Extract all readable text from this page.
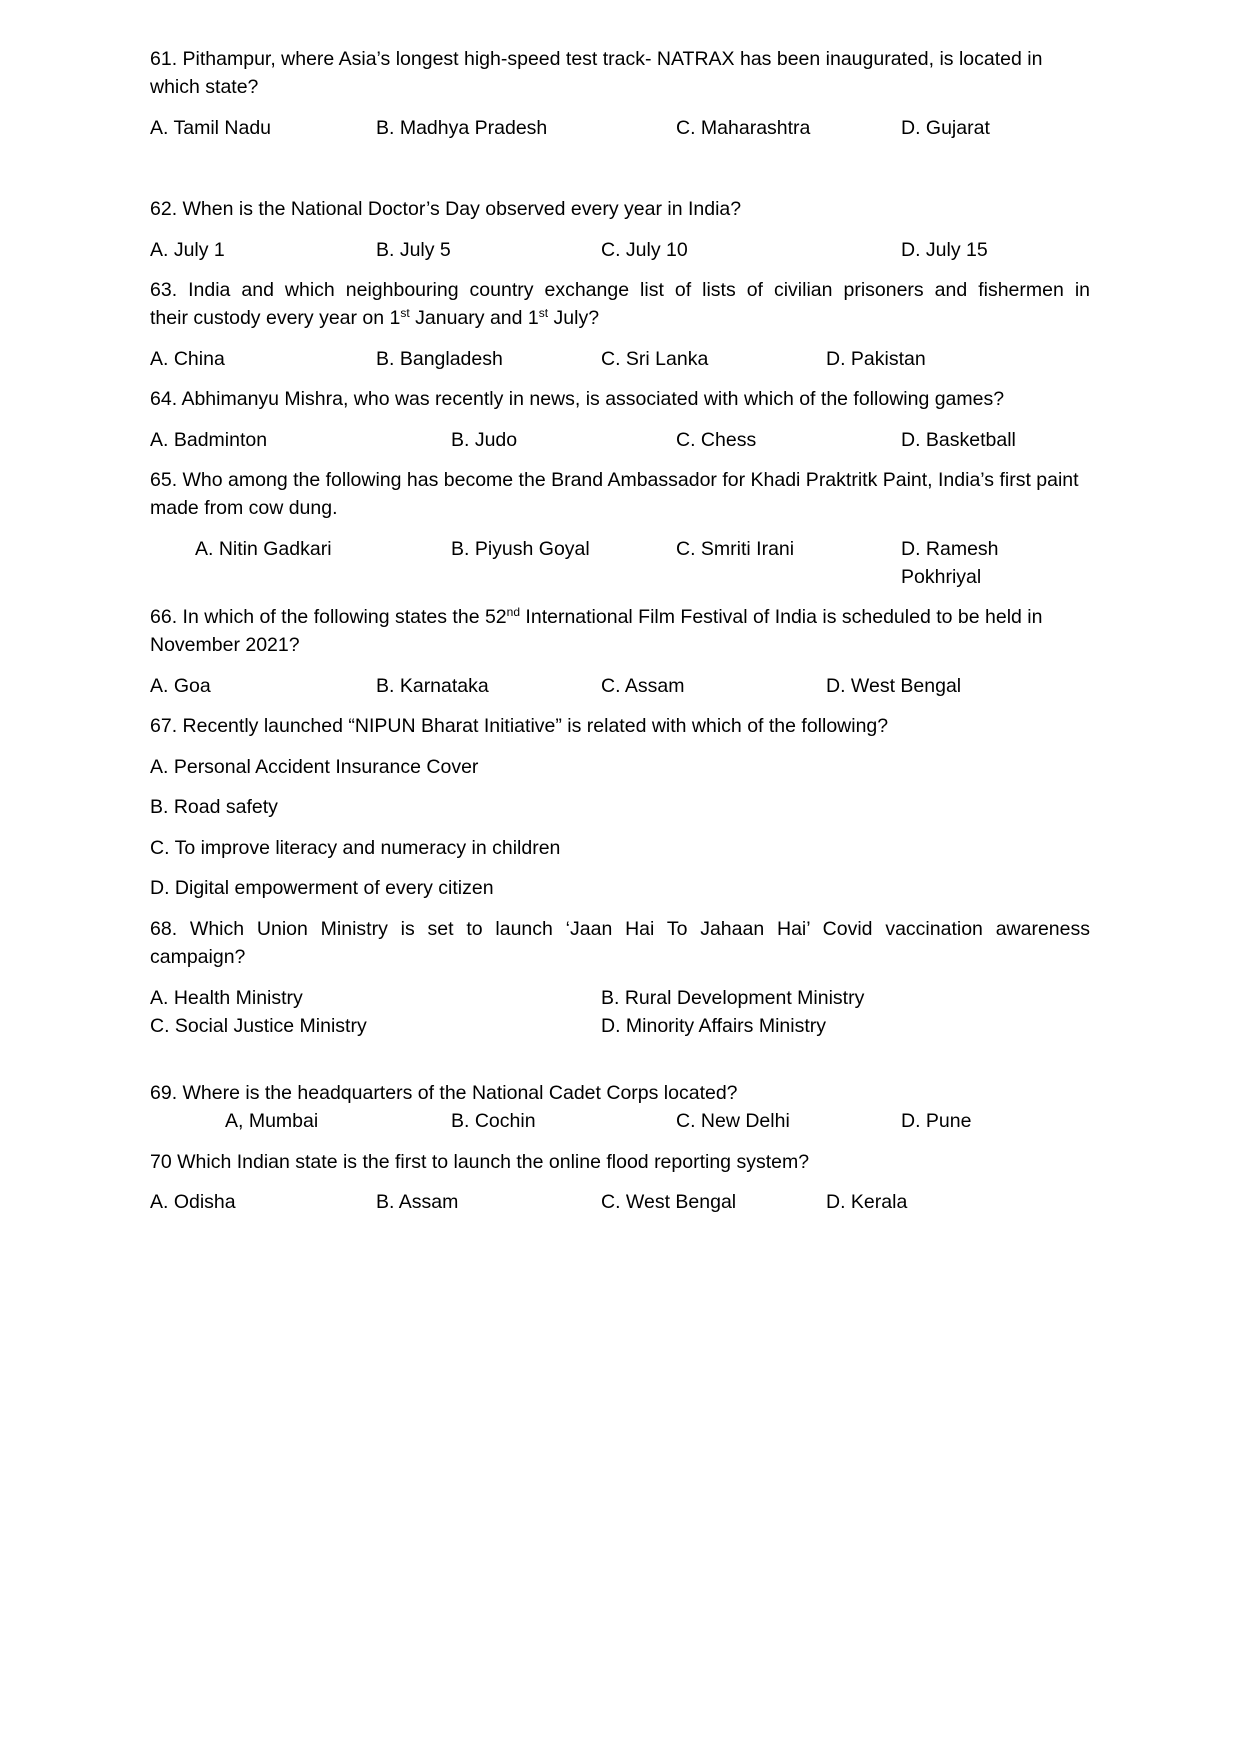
61. Pithampur, where Asia’s longest high-speed test track- NATRAX has been inaugurated, is located in which state?
A. Tamil Nadu	B. Madhya Pradesh	C. Maharashtra	D. Gujarat
62. When is the National Doctor’s Day observed every year in India?
A. July 1	B. July 5	C. July 10	D. July 15
63. India and which neighbouring country exchange list of lists of civilian prisoners and fishermen in
their custody every year on 1st January and 1st July?
A. China	B. Bangladesh	C. Sri Lanka	D. Pakistan
64. Abhimanyu Mishra, who was recently in news, is associated with which of the following games?
A. Badminton	B. Judo	C. Chess	D. Basketball
65. Who among the following has become the Brand Ambassador for Khadi Praktritk Paint, India’s first paint made from cow dung.
A. Nitin Gadkari	B. Piyush Goyal	C. Smriti Irani	D. Ramesh Pokhriyal
66. In which of the following states the 52nd International Film Festival of India is scheduled to be held in November 2021?
A. Goa	B. Karnataka	C. Assam	D. West Bengal
67. Recently launched “NIPUN Bharat Initiative” is related with which of the following?
A. Personal Accident Insurance Cover
B. Road safety
C. To improve literacy and numeracy in children
D. Digital empowerment of every citizen
68. Which Union Ministry is set to launch ‘Jaan Hai To Jahaan Hai’ Covid vaccination awareness
campaign?
A. Health Ministry	B. Rural Development Ministry
C. Social Justice Ministry	D. Minority Affairs Ministry
69. Where is the headquarters of the National Cadet Corps located?
A, Mumbai	B. Cochin	C. New Delhi	D. Pune
70 Which Indian state is the first to launch the online flood reporting system?
A. Odisha	B. Assam	C. West Bengal	D. Kerala
